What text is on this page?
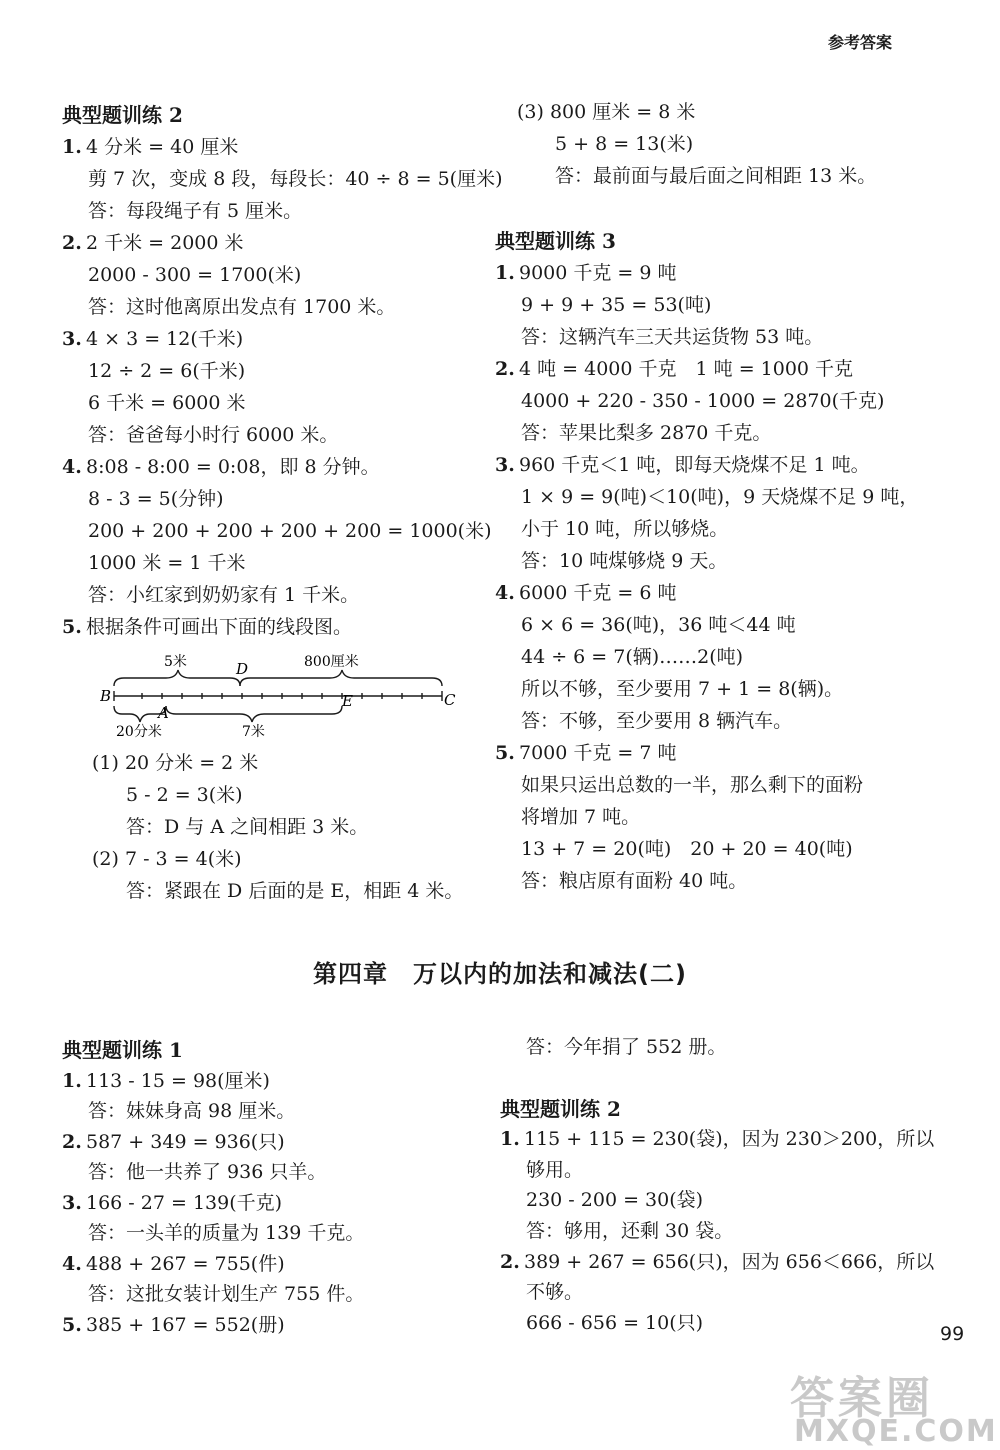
参考答案
典型题训练 2
1. 4 分米 = 40 厘米
剪 7 次，变成 8 段，每段长：40 ÷ 8 = 5(厘米)
答：每段绳子有 5 厘米。
2. 2 千米 = 2000 米
2000 - 300 = 1700(米)
答：这时他离原出发点有 1700 米。
3. 4 × 3 = 12(千米)
12 ÷ 2 = 6(千米)
6 千米 = 6000 米
答：爸爸每小时行 6000 米。
4. 8:08 - 8:00 = 0:08，即 8 分钟。
8 - 3 = 5(分钟)
200 + 200 + 200 + 200 + 200 = 1000(米)
1000 米 = 1 千米
答：小红家到奶奶家有 1 千米。
5. 根据条件可画出下面的线段图。
5米	D	800厘米
B	C
A
E
20分米	7米
(1) 20 分米 = 2 米
5 - 2 = 3(米)
答：D 与 A 之间相距 3 米。
(2) 7 - 3 = 4(米)
答：紧跟在 D 后面的是 E，相距 4 米。
(3) 800 厘米 = 8 米
5 + 8 = 13(米)
答：最前面与最后面之间相距 13 米。
典型题训练 3
1. 9000 千克 = 9 吨
9 + 9 + 35 = 53(吨)
答：这辆汽车三天共运货物 53 吨。
2. 4 吨 = 4000 千克　1 吨 = 1000 千克
4000 + 220 - 350 - 1000 = 2870(千克)
答：苹果比梨多 2870 千克。
3. 960 千克＜1 吨，即每天烧煤不足 1 吨。
1 × 9 = 9(吨)＜10(吨)，9 天烧煤不足 9 吨，
小于 10 吨，所以够烧。
答：10 吨煤够烧 9 天。
4. 6000 千克 = 6 吨
6 × 6 = 36(吨)，36 吨＜44 吨
44 ÷ 6 = 7(辆)……2(吨)
所以不够，至少要用 7 + 1 = 8(辆)。
答：不够，至少要用 8 辆汽车。
5. 7000 千克 = 7 吨
如果只运出总数的一半，那么剩下的面粉
将增加 7 吨。
13 + 7 = 20(吨)　20 + 20 = 40(吨)
答：粮店原有面粉 40 吨。
第四章　万以内的加法和减法(二)
典型题训练 1
1. 113 - 15 = 98(厘米)
答：妹妹身高 98 厘米。
2. 587 + 349 = 936(只)
答：他一共养了 936 只羊。
3. 166 - 27 = 139(千克)
答：一头羊的质量为 139 千克。
4. 488 + 267 = 755(件)
答：这批女装计划生产 755 件。
5. 385 + 167 = 552(册)
答：今年捐了 552 册。
典型题训练 2
1. 115 + 115 = 230(袋)，因为 230＞200，所以
够用。
230 - 200 = 30(袋)
答：够用，还剩 30 袋。
2. 389 + 267 = 656(只)，因为 656＜666，所以
不够。
666 - 656 = 10(只)	99
答案圈
MXQE.COM
